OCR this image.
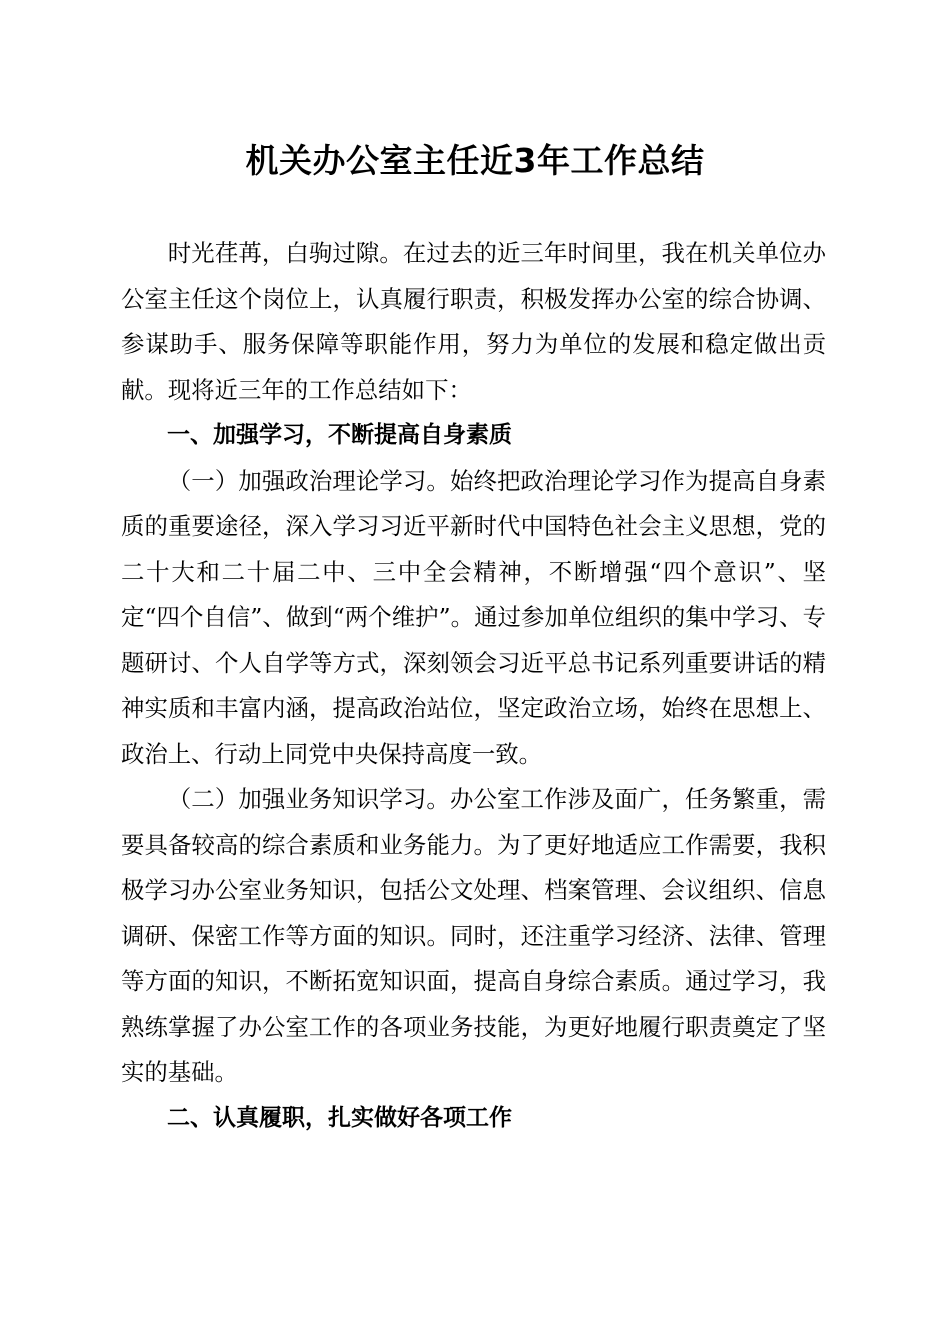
机关办公室主任近3年工作总结

时光荏苒，白驹过隙。在过去的近三年时间里，我在机关单位办公室主任这个岗位上，认真履行职责，积极发挥办公室的综合协调、参谋助手、服务保障等职能作用，努力为单位的发展和稳定做出贡献。现将近三年的工作总结如下：

一、加强学习，不断提高自身素质

（一）加强政治理论学习。始终把政治理论学习作为提高自身素质的重要途径，深入学习习近平新时代中国特色社会主义思想，党的二十大和二十届二中、三中全会精神，不断增强“四个意识”、坚定“四个自信”、做到“两个维护”。通过参加单位组织的集中学习、专题研讨、个人自学等方式，深刻领会习近平总书记系列重要讲话的精神实质和丰富内涵，提高政治站位，坚定政治立场，始终在思想上、政治上、行动上同党中央保持高度一致。

（二）加强业务知识学习。办公室工作涉及面广，任务繁重，需要具备较高的综合素质和业务能力。为了更好地适应工作需要，我积极学习办公室业务知识，包括公文处理、档案管理、会议组织、信息调研、保密工作等方面的知识。同时，还注重学习经济、法律、管理等方面的知识，不断拓宽知识面，提高自身综合素质。通过学习，我熟练掌握了办公室工作的各项业务技能，为更好地履行职责奠定了坚实的基础。

二、认真履职，扎实做好各项工作
